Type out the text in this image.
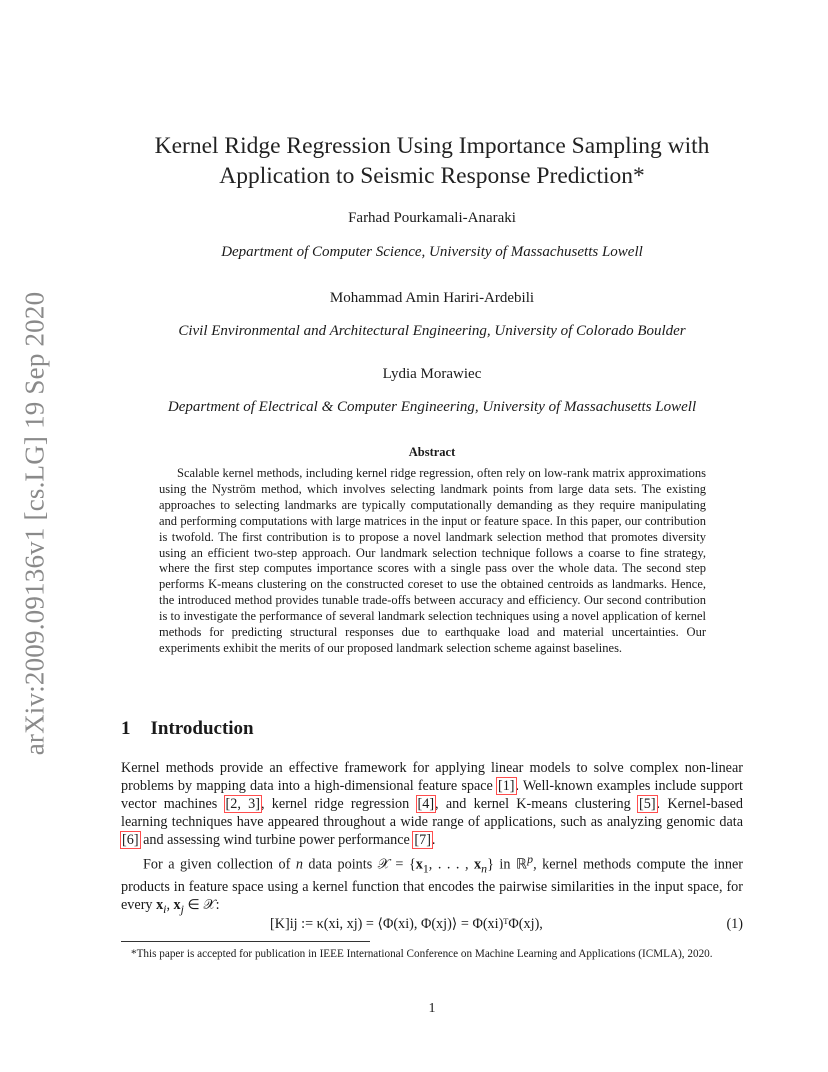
arXiv:2009.09136v1 [cs.LG] 19 Sep 2020
Kernel Ridge Regression Using Importance Sampling with
Application to Seismic Response Prediction*
Farhad Pourkamali-Anaraki
Department of Computer Science, University of Massachusetts Lowell
Mohammad Amin Hariri-Ardebili
Civil Environmental and Architectural Engineering, University of Colorado Boulder
Lydia Morawiec
Department of Electrical & Computer Engineering, University of Massachusetts Lowell
Abstract

Scalable kernel methods, including kernel ridge regression, often rely on low-rank matrix approximations using the Nyström method, which involves selecting landmark points from large data sets. The existing approaches to selecting landmarks are typically computationally demanding as they require manipulating and performing computations with large matrices in the input or feature space. In this paper, our contribution is twofold. The first contribution is to propose a novel landmark selection method that promotes diversity using an efficient two-step approach. Our landmark selection technique follows a coarse to fine strategy, where the first step computes importance scores with a single pass over the whole data. The second step performs K-means clustering on the constructed coreset to use the obtained centroids as landmarks. Hence, the introduced method provides tunable trade-offs between accuracy and efficiency. Our second contribution is to investigate the performance of several landmark selection techniques using a novel application of kernel methods for predicting structural responses due to earthquake load and material uncertainties. Our experiments exhibit the merits of our proposed landmark selection scheme against baselines.

1 Introduction

Kernel methods provide an effective framework for applying linear models to solve complex non-linear problems by mapping data into a high-dimensional feature space [1]. Well-known examples include support vector machines [2, 3], kernel ridge regression [4], and kernel K-means clustering [5]. Kernel-based learning techniques have appeared throughout a wide range of applications, such as analyzing genomic data [6] and assessing wind turbine power performance [7].

For a given collection of n data points 𝒳 = {$x_1$, . . . , $x_n$} in ℝ$^p$, kernel methods compute the inner products in feature space using a kernel function that encodes the pairwise similarities in the input space, for every $x_i$, $x_j$ ∈ 𝒳:

[K]ij := κ(xi, xj) = ⟨Φ(xi), Φ(xj)⟩ = Φ(xi)ᵀΦ(xj),	(1)

*This paper is accepted for publication in IEEE International Conference on Machine Learning and Applications (ICMLA), 2020.

1
